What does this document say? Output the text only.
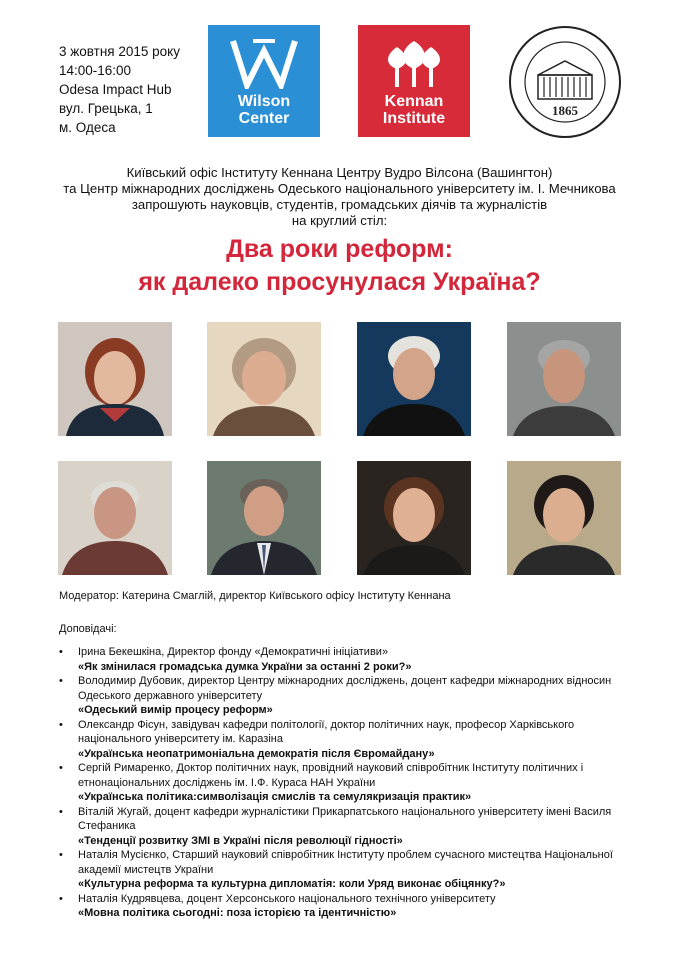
3 жовтня 2015 року
14:00-16:00
Odesa Impact Hub
вул. Грецька, 1
м. Одеса
Wilson
Center
Kennan
Institute	1865
Київський офіс Інституту Кеннана Центру Вудро Вілсона (Вашингтон)
та Центр міжнародних досліджень Одеського національного університету ім. І. Мечникова
запрошують науковців, студентів, громадських діячів та журналістів
на круглий стіл:
Два роки реформ:
як далеко просунулася Україна?
Модератор: Катерина Смаглій, директор Київського офісу Інституту Кеннана
Доповідачі:
• Ірина Бекешкіна, Директор фонду «Демократичні ініціативи»
«Як змінилася громадська думка України за останні 2 роки?»
• Володимир Дубовик, директор Центру міжнародних досліджень, доцент кафедри міжнародних відносин Одеського державного університету
«Одеський вимір процесу реформ»
• Олександр Фісун, завідувач кафедри політології, доктор політичних наук, професор Харківського національного університету ім. Каразіна
«Українська неопатримоніальна демократія після Євромайдану»
• Сергій Римаренко, Доктор політичних наук, провідний науковий співробітник Інституту політичних і етнонаціональних досліджень ім. І.Ф. Кураса НАН України
«Українська політика:символізація смислів та семулякризація практик»
• Віталій Жугай, доцент кафедри журналістики Прикарпатського національного університету імені Василя Стефаника
«Тенденції розвитку ЗМІ в Україні після революції гідності»
• Наталія Мусієнко, Старший науковий співробітник Інституту проблем сучасного мистецтва Національної академії мистецтв України
«Культурна реформа та культурна дипломатія: коли Уряд виконає обіцянку?»
• Наталія Кудрявцева, доцент Херсонського національного технічного університету
«Мовна політика сьогодні: поза історією та ідентичністю»
